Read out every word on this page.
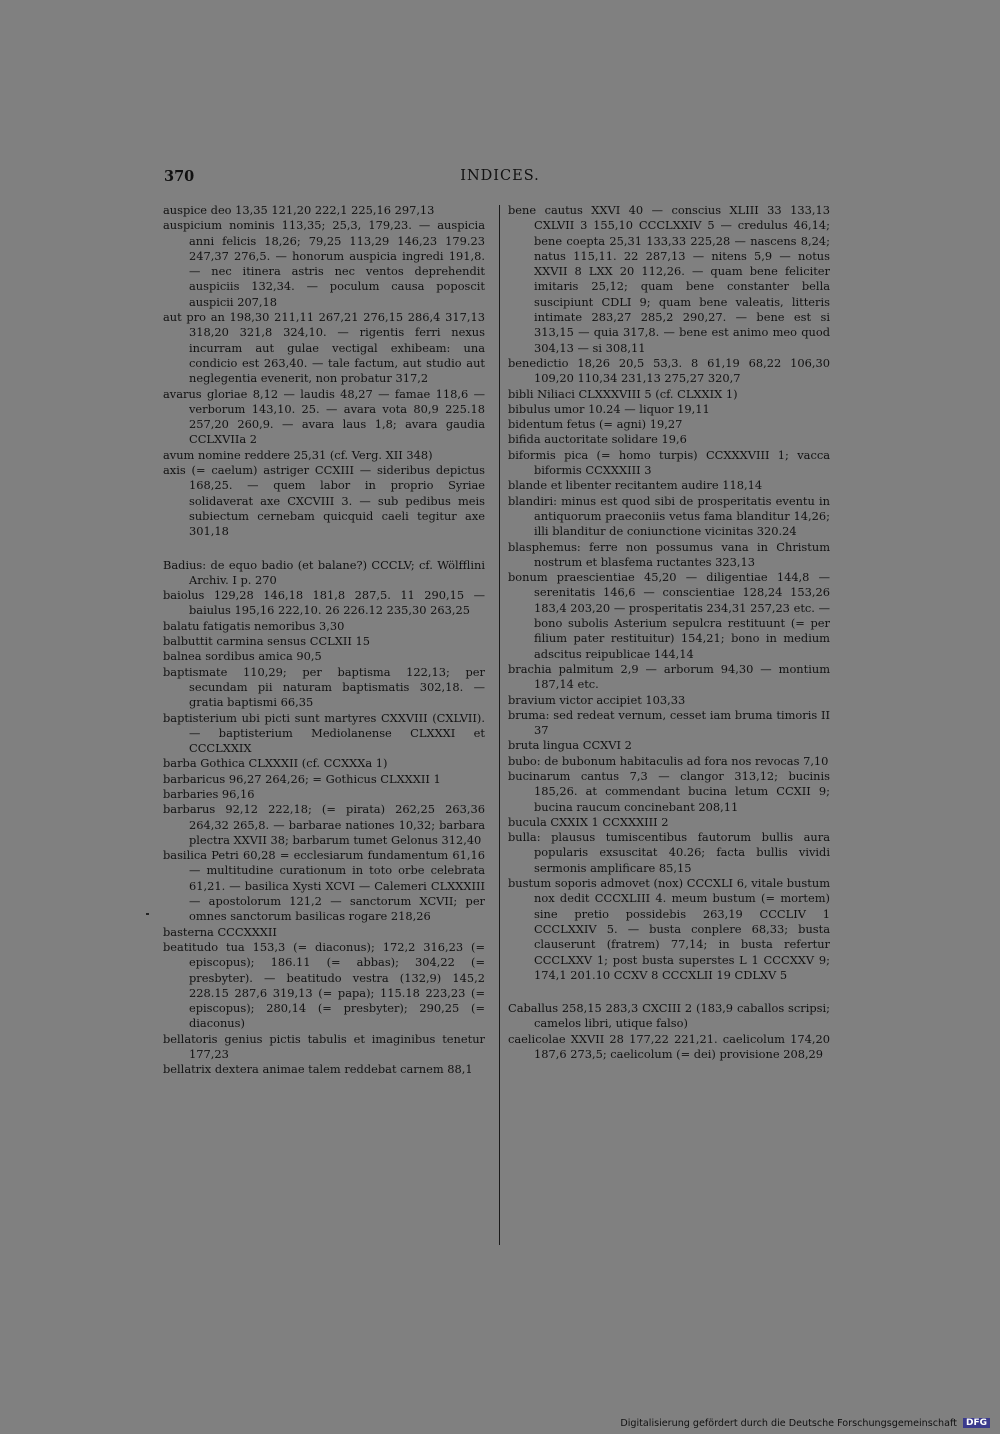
370	INDICES.
auspice deo 13,35 121,20 222,1 225,16 297,13
auspicium nominis 113,35; 25,3, 179,23. — auspicia anni felicis 18,26; 79,25 113,29 146,23 179.23 247,37 276,5. — honorum auspicia ingredi 191,8. — nec itinera astris nec ventos deprehendit auspiciis 132,34. — poculum causa poposcit auspicii 207,18
aut pro an 198,30 211,11 267,21 276,15 286,4 317,13 318,20 321,8 324,10. — rigentis ferri nexus incurram aut gulae vectigal exhibeam: una condicio est 263,40. — tale factum, aut studio aut neglegentia evenerit, non probatur 317,2
avarus gloriae 8,12 — laudis 48,27 — famae 118,6 — verborum 143,10. 25. — avara vota 80,9 225.18 257,20 260,9. — avara laus 1,8; avara gaudia CCLXVIIa 2
avum nomine reddere 25,31 (cf. Verg. XII 348)
axis (= caelum) astriger CCXIII — sideribus depictus 168,25. — quem labor in proprio Syriae solidaverat axe CXCVIII 3. — sub pedibus meis subiectum cernebam quicquid caeli tegitur axe 301,18
Badius: de equo badio (et balane?) CCCLV; cf. Wölfflini Archiv. I p. 270
baiolus 129,28 146,18 181,8 287,5. 11 290,15 — baiulus 195,16 222,10. 26 226.12 235,30 263,25
balatu fatigatis nemoribus 3,30
balbuttit carmina sensus CCLXII 15
balnea sordibus amica 90,5
baptismate 110,29; per baptisma 122,13; per secundam pii naturam baptismatis 302,18. — gratia baptismi 66,35
baptisterium ubi picti sunt martyres CXXVIII (CXLVII). — baptisterium Mediolanense CLXXXI et CCCLXXIX
barba Gothica CLXXXII (cf. CCXXXa 1)
barbaricus 96,27 264,26; = Gothicus CLXXXII 1
barbaries 96,16
barbarus 92,12 222,18; (= pirata) 262,25 263,36 264,32 265,8. — barbarae nationes 10,32; barbara plectra XXVII 38; barbarum tumet Gelonus 312,40
basilica Petri 60,28 = ecclesiarum fundamentum 61,16 — multitudine curationum in toto orbe celebrata 61,21. — basilica Xysti XCVI — Calemeri CLXXXIII — apostolorum 121,2 — sanctorum XCVII; per omnes sanctorum basilicas rogare 218,26
basterna CCCXXXII
beatitudo tua 153,3 (= diaconus); 172,2 316,23 (= episcopus); 186.11 (= abbas); 304,22 (= presbyter). — beatitudo vestra (132,9) 145,2 228.15 287,6 319,13 (= papa); 115.18 223,23 (= episcopus); 280,14 (= presbyter); 290,25 (= diaconus)
bellatoris genius pictis tabulis et imaginibus tenetur 177,23
bellatrix dextera animae talem reddebat carnem 88,1
bene cautus XXVI 40 — conscius XLIII 33 133,13 CXLVII 3 155,10 CCCLXXIV 5 — credulus 46,14; bene coepta 25,31 133,33 225,28 — nascens 8,24; natus 115,11. 22 287,13 — nitens 5,9 — notus XXVII 8 LXX 20 112,26. — quam bene feliciter imitaris 25,12; quam bene constanter bella suscipiunt CDLI 9; quam bene valeatis, litteris intimate 283,27 285,2 290,27. — bene est si 313,15 — quia 317,8. — bene est animo meo quod 304,13 — si 308,11
benedictio 18,26 20,5 53,3. 8 61,19 68,22 106,30 109,20 110,34 231,13 275,27 320,7
bibli Niliaci CLXXXVIII 5 (cf. CLXXIX 1)
bibulus umor 10.24 — liquor 19,11
bidentum fetus (= agni) 19,27
bifida auctoritate solidare 19,6
biformis pica (= homo turpis) CCXXXVIII 1; vacca biformis CCXXXIII 3
blande et libenter recitantem audire 118,14
blandiri: minus est quod sibi de prosperitatis eventu in antiquorum praeconiis vetus fama blanditur 14,26; illi blanditur de coniunctione vicinitas 320.24
blasphemus: ferre non possumus vana in Christum nostrum et blasfema ructantes 323,13
bonum praescientiae 45,20 — diligentiae 144,8 — serenitatis 146,6 — conscientiae 128,24 153,26 183,4 203,20 — prosperitatis 234,31 257,23 etc. — bono subolis Asterium sepulcra restituunt (= per filium pater restituitur) 154,21; bono in medium adscitus reipublicae 144,14
brachia palmitum 2,9 — arborum 94,30 — montium 187,14 etc.
bravium victor accipiet 103,33
bruma: sed redeat vernum, cesset iam bruma timoris II 37
bruta lingua CCXVI 2
bubo: de bubonum habitaculis ad fora nos revocas 7,10
bucinarum cantus 7,3 — clangor 313,12; bucinis 185,26. at commendant bucina letum CCXII 9; bucina raucum concinebant 208,11
bucula CXXIX 1 CCXXXIII 2
bulla: plausus tumiscentibus fautorum bullis aura popularis exsuscitat 40.26; facta bullis vividi sermonis amplificare 85,15
bustum soporis admovet (nox) CCCXLI 6, vitale bustum nox dedit CCCXLIII 4. meum bustum (= mortem) sine pretio possidebis 263,19 CCCLIV 1 CCCLXXIV 5. — busta conplere 68,33; busta clauserunt (fratrem) 77,14; in busta refertur CCCLXXV 1; post busta superstes L 1 CCCXXV 9; 174,1 201.10 CCXV 8 CCCXLII 19 CDLXV 5
Caballus 258,15 283,3 CXCIII 2 (183,9 caballos scripsi; camelos libri, utique falso)
caelicolae XXVII 28 177,22 221,21. caelicolum 174,20 187,6 273,5; caelicolum (= dei) provisione 208,29
Digitalisierung gefördert durch die Deutsche Forschungsgemeinschaft DFG
